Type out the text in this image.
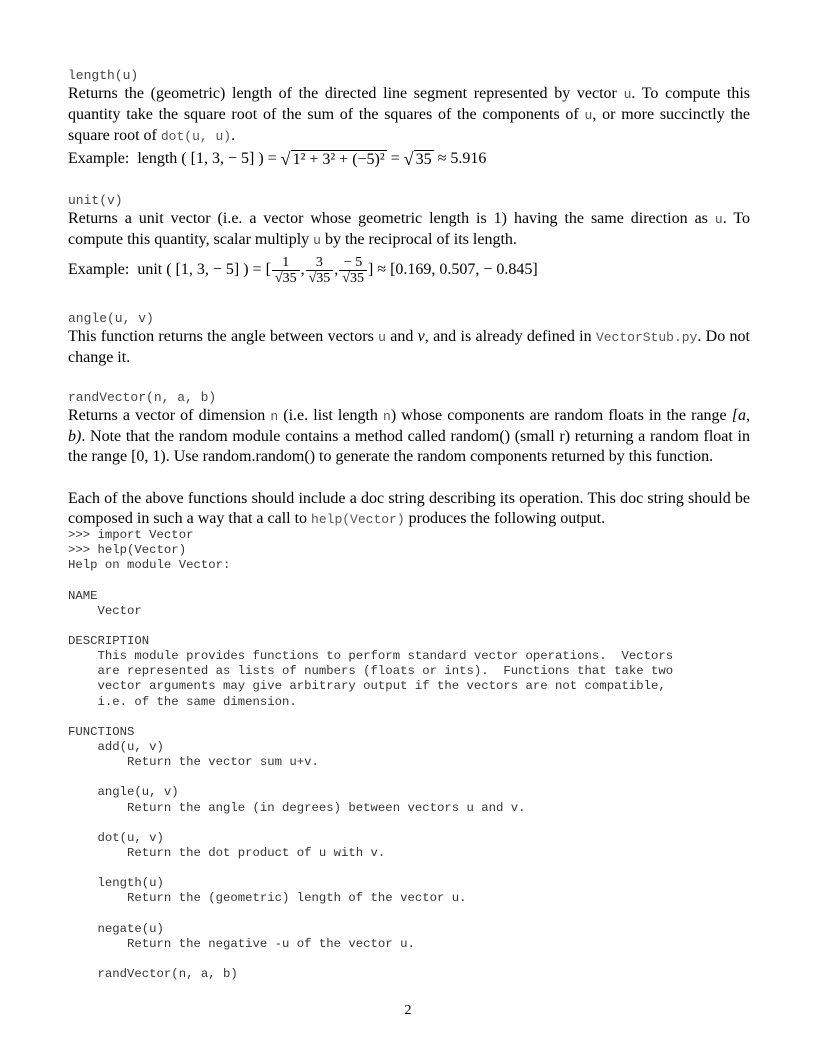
length(u)

Returns the (geometric) length of the directed line segment represented by vector u. To compute this quantity take the square root of the sum of the squares of the components of u, or more succinctly the square root of dot(u, u).

Example:
length ( [1, 3, − 5] ) =
√ 1² + 3² + (−5)²
=
√ 35
≈ 5.916
unit(v)

Returns a unit vector (i.e. a vector whose geometric length is 1) having the same direction as u. To compute this quantity, scalar multiply u by the reciprocal of its length.

Example:
unit ( [1, 3, − 5] ) = [ $\frac{1}{√35}$ , $\frac{3}{√35}$ , $\frac{- 5}{√35}$ ]
≈ [0.169, 0.507, − 0.845]
angle(u, v)

This function returns the angle between vectors u and v, and is already defined in VectorStub.py. Do not change it.

randVector(n, a, b)

Returns a vector of dimension n (i.e. list length n) whose components are random floats in the range [a, b). Note that the random module contains a method called random() (small r) returning a random float in the range [0, 1). Use random.random() to generate the random components returned by this function.

Each of the above functions should include a doc string describing its operation. This doc string should be composed in such a way that a call to help(Vector) produces the following output.

>>> import Vector
>>> help(Vector)
Help on module Vector:
NAME
Vector
DESCRIPTION
This module provides functions to perform standard vector operations.  Vectors
are represented as lists of numbers (floats or ints).  Functions that take two
vector arguments may give arbitrary output if the vectors are not compatible,
i.e. of the same dimension.
FUNCTIONS
add(u, v)
Return the vector sum u+v.
angle(u, v)
Return the angle (in degrees) between vectors u and v.
dot(u, v)
Return the dot product of u with v.
length(u)
Return the (geometric) length of the vector u.
negate(u)
Return the negative -u of the vector u.
randVector(n, a, b)
2
